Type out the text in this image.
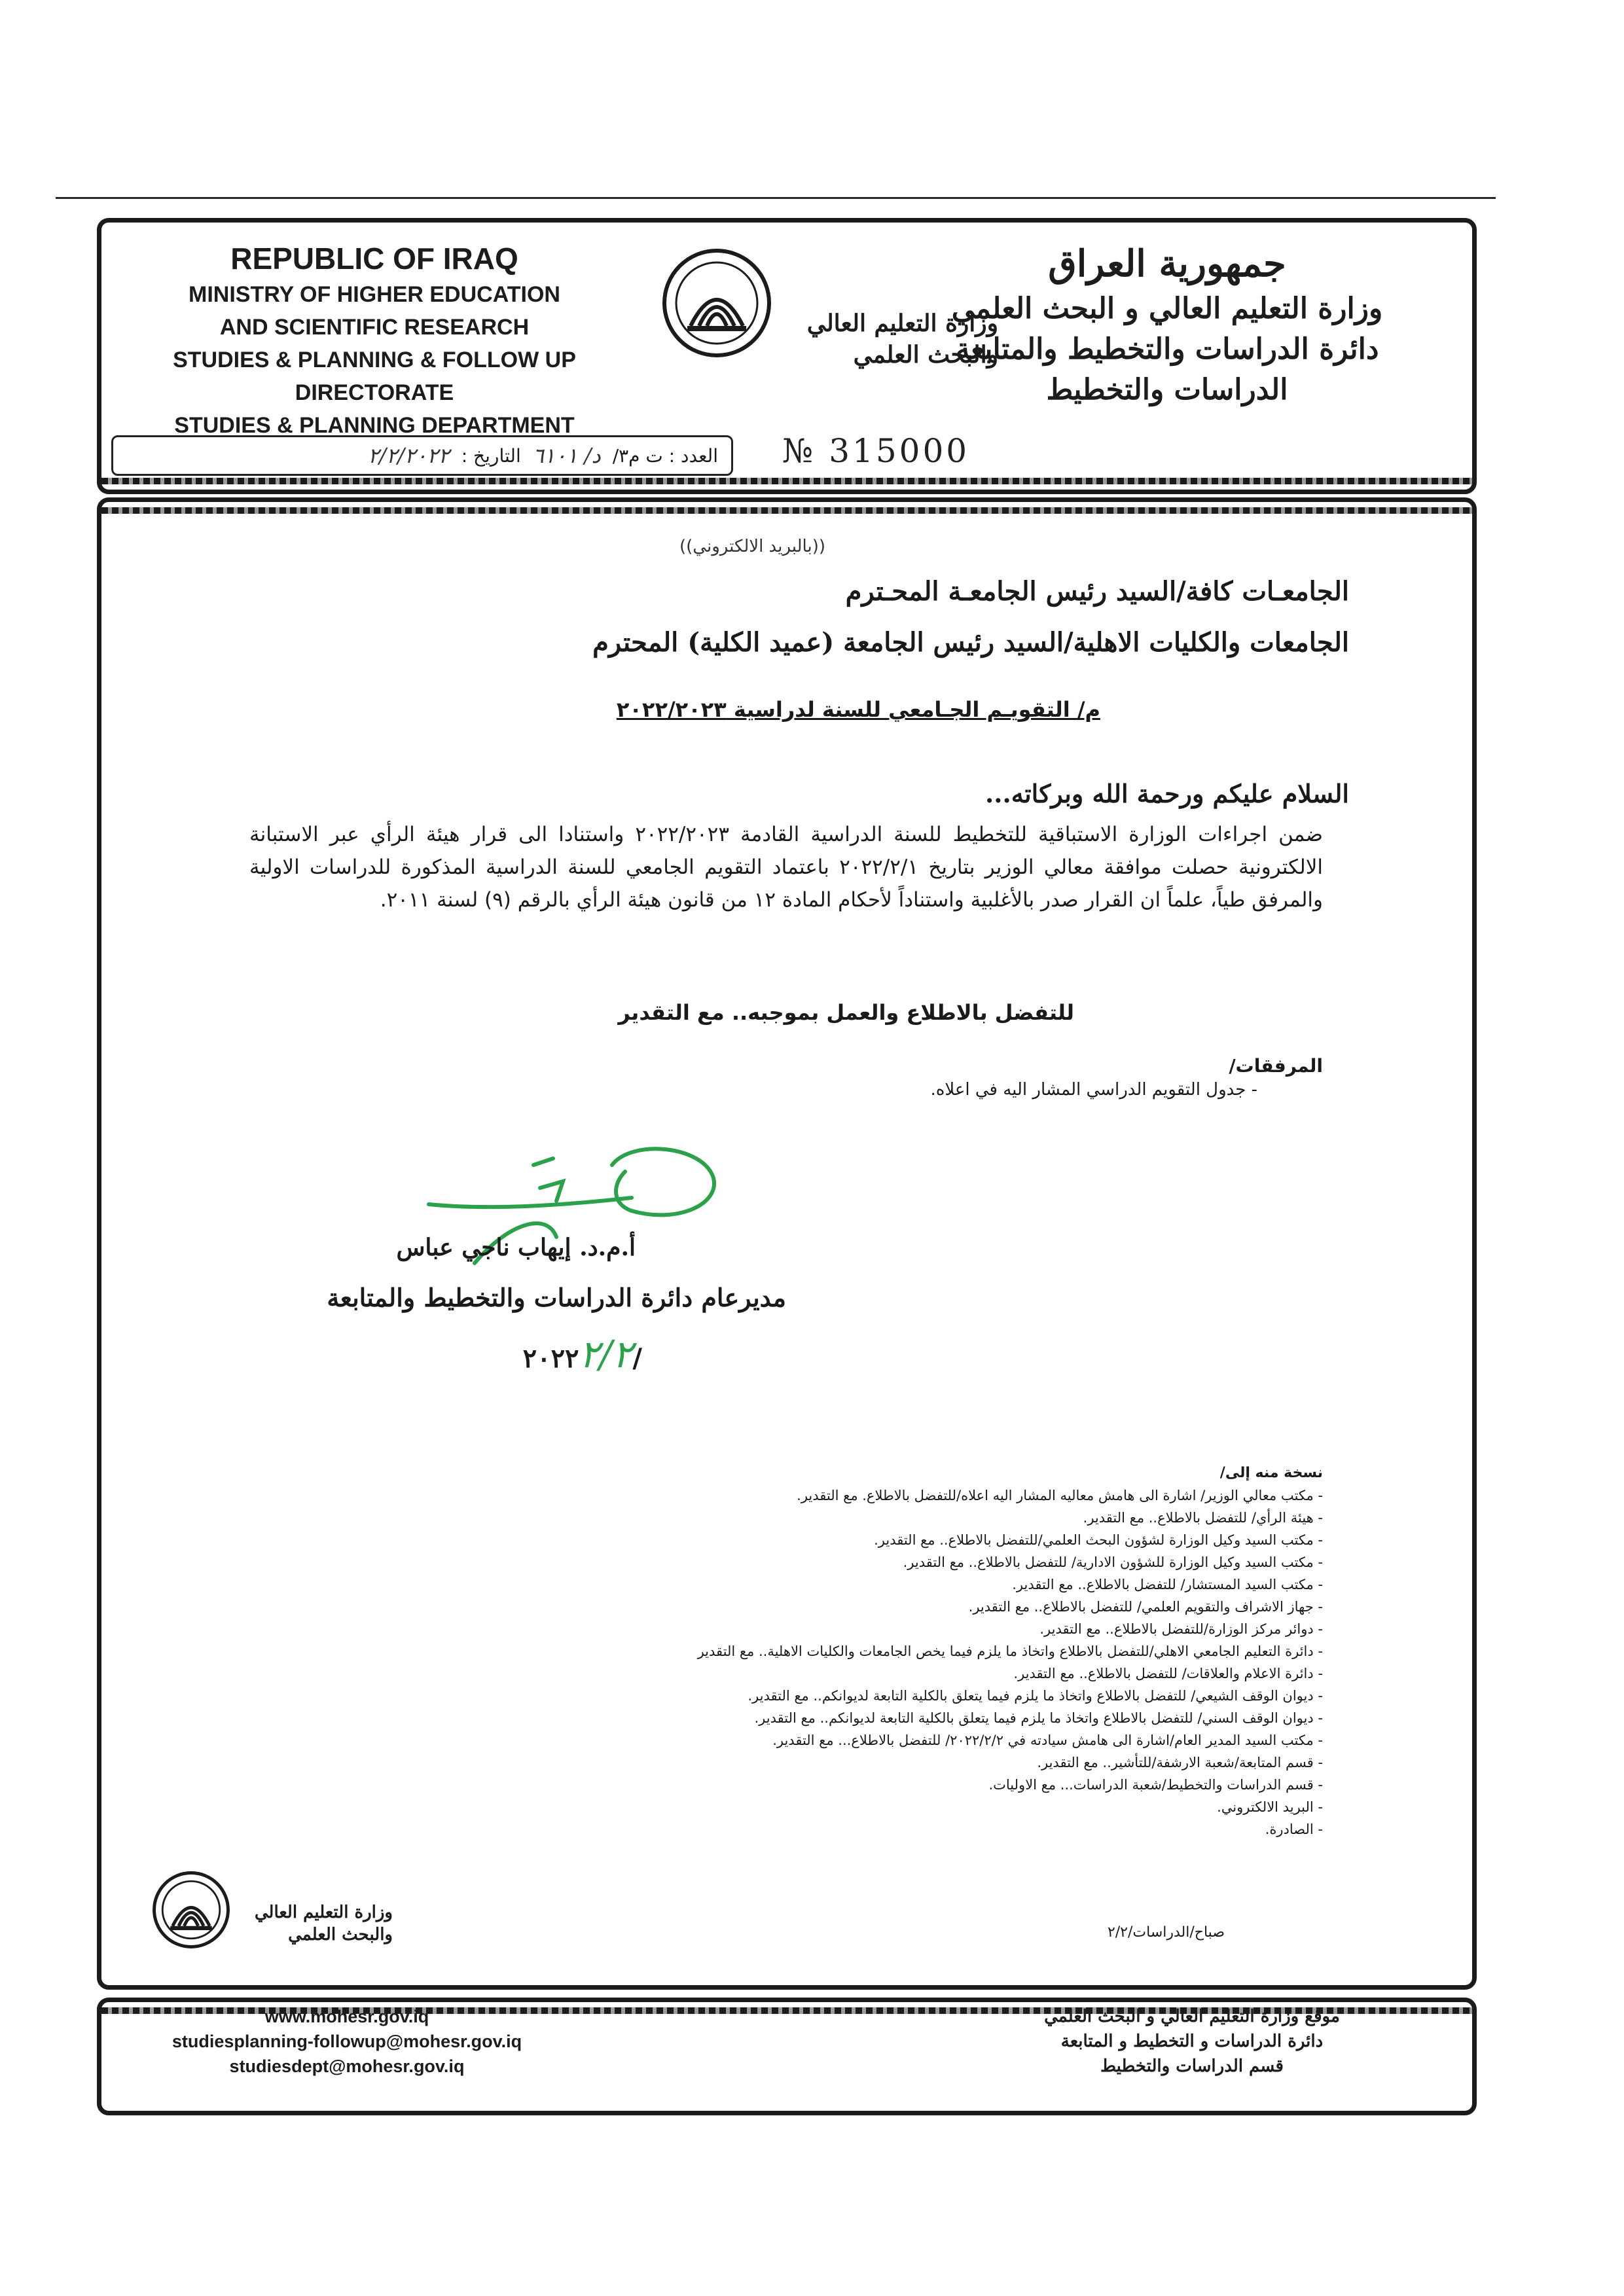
REPUBLIC OF IRAQ
MINISTRY OF HIGHER EDUCATION
AND SCIENTIFIC RESEARCH
STUDIES & PLANNING & FOLLOW UP DIRECTORATE
STUDIES & PLANNING DEPARTMENT
جمهورية العراق
وزارة التعليم العالي و البحث العلمي
دائرة الدراسات والتخطيط والمتابعة
الدراسات والتخطيط
وزارة التعليم العالي
والبحث العلمي
العدد : ت م٣/
د/ ٦١٠١
التاريخ :
٢/٢/٢٠٢٢	№ 315000
((بالبريد الالكتروني))
الجامعـات كافة/السيد رئيس الجامعـة المحـترم
الجامعات والكليات الاهلية/السيد رئيس الجامعة (عميد الكلية) المحترم
م/ التقويـم الجـامعي للسنة لدراسية ٢٠٢٢/٢٠٢٣
السلام عليكم ورحمة الله وبركاته...
ضمن اجراءات الوزارة الاستباقية للتخطيط للسنة الدراسية القادمة ٢٠٢٢/٢٠٢٣ واستنادا الى قرار هيئة الرأي عبر الاستبانة الالكترونية حصلت موافقة معالي الوزير بتاريخ ٢٠٢٢/٢/١ باعتماد التقويم الجامعي للسنة الدراسية المذكورة للدراسات الاولية والمرفق طياً، علماً ان القرار صدر بالأغلبية واستناداً لأحكام المادة ١٢ من قانون هيئة الرأي بالرقم (٩) لسنة ٢٠١١.
للتفضل بالاطلاع والعمل بموجبه.. مع التقدير
المرفقات/
- جدول التقويم الدراسي المشار اليه في اعلاه.
أ.م.د. إيهاب ناجي عباس
مديرعام دائرة الدراسات والتخطيط والمتابعة
/٢٠٢٢٢/٢
نسخة منه إلى/
- مكتب معالي الوزير/ اشارة الى هامش معاليه المشار اليه اعلاه/للتفضل بالاطلاع. مع التقدير.
- هيئة الرأي/ للتفضل بالاطلاع.. مع التقدير.
- مكتب السيد وكيل الوزارة لشؤون البحث العلمي/للتفضل بالاطلاع.. مع التقدير.
- مكتب السيد وكيل الوزارة للشؤون الادارية/ للتفضل بالاطلاع.. مع التقدير.
- مكتب السيد المستشار/ للتفضل بالاطلاع.. مع التقدير.
- جهاز الاشراف والتقويم العلمي/ للتفضل بالاطلاع.. مع التقدير.
- دوائر مركز الوزارة/للتفضل بالاطلاع.. مع التقدير.
- دائرة التعليم الجامعي الاهلي/للتفضل بالاطلاع واتخاذ ما يلزم فيما يخص الجامعات والكليات الاهلية.. مع التقدير
- دائرة الاعلام والعلاقات/ للتفضل بالاطلاع.. مع التقدير.
- ديوان الوقف الشيعي/ للتفضل بالاطلاع واتخاذ ما يلزم فيما يتعلق بالكلية التابعة لديوانكم.. مع التقدير.
- ديوان الوقف السني/ للتفضل بالاطلاع واتخاذ ما يلزم فيما يتعلق بالكلية التابعة لديوانكم.. مع التقدير.
- مكتب السيد المدير العام/اشارة الى هامش سيادته في ٢٠٢٢/٢/٢/ للتفضل بالاطلاع... مع التقدير.
- قسم المتابعة/شعبة الارشفة/للتأشير.. مع التقدير.
- قسم الدراسات والتخطيط/شعبة الدراسات... مع الاوليات.
- البريد الالكتروني.
- الصادرة.
وزارة التعليم العالي
والبحث العلمي	صباح/الدراسات/٢/٢
www.mohesr.gov.iq
studiesplanning-followup@mohesr.gov.iq
studiesdept@mohesr.gov.iq
موقع وزارة التعليم العالي و البحث العلمي
دائرة الدراسات و التخطيط و المتابعة
قسم الدراسات والتخطيط
